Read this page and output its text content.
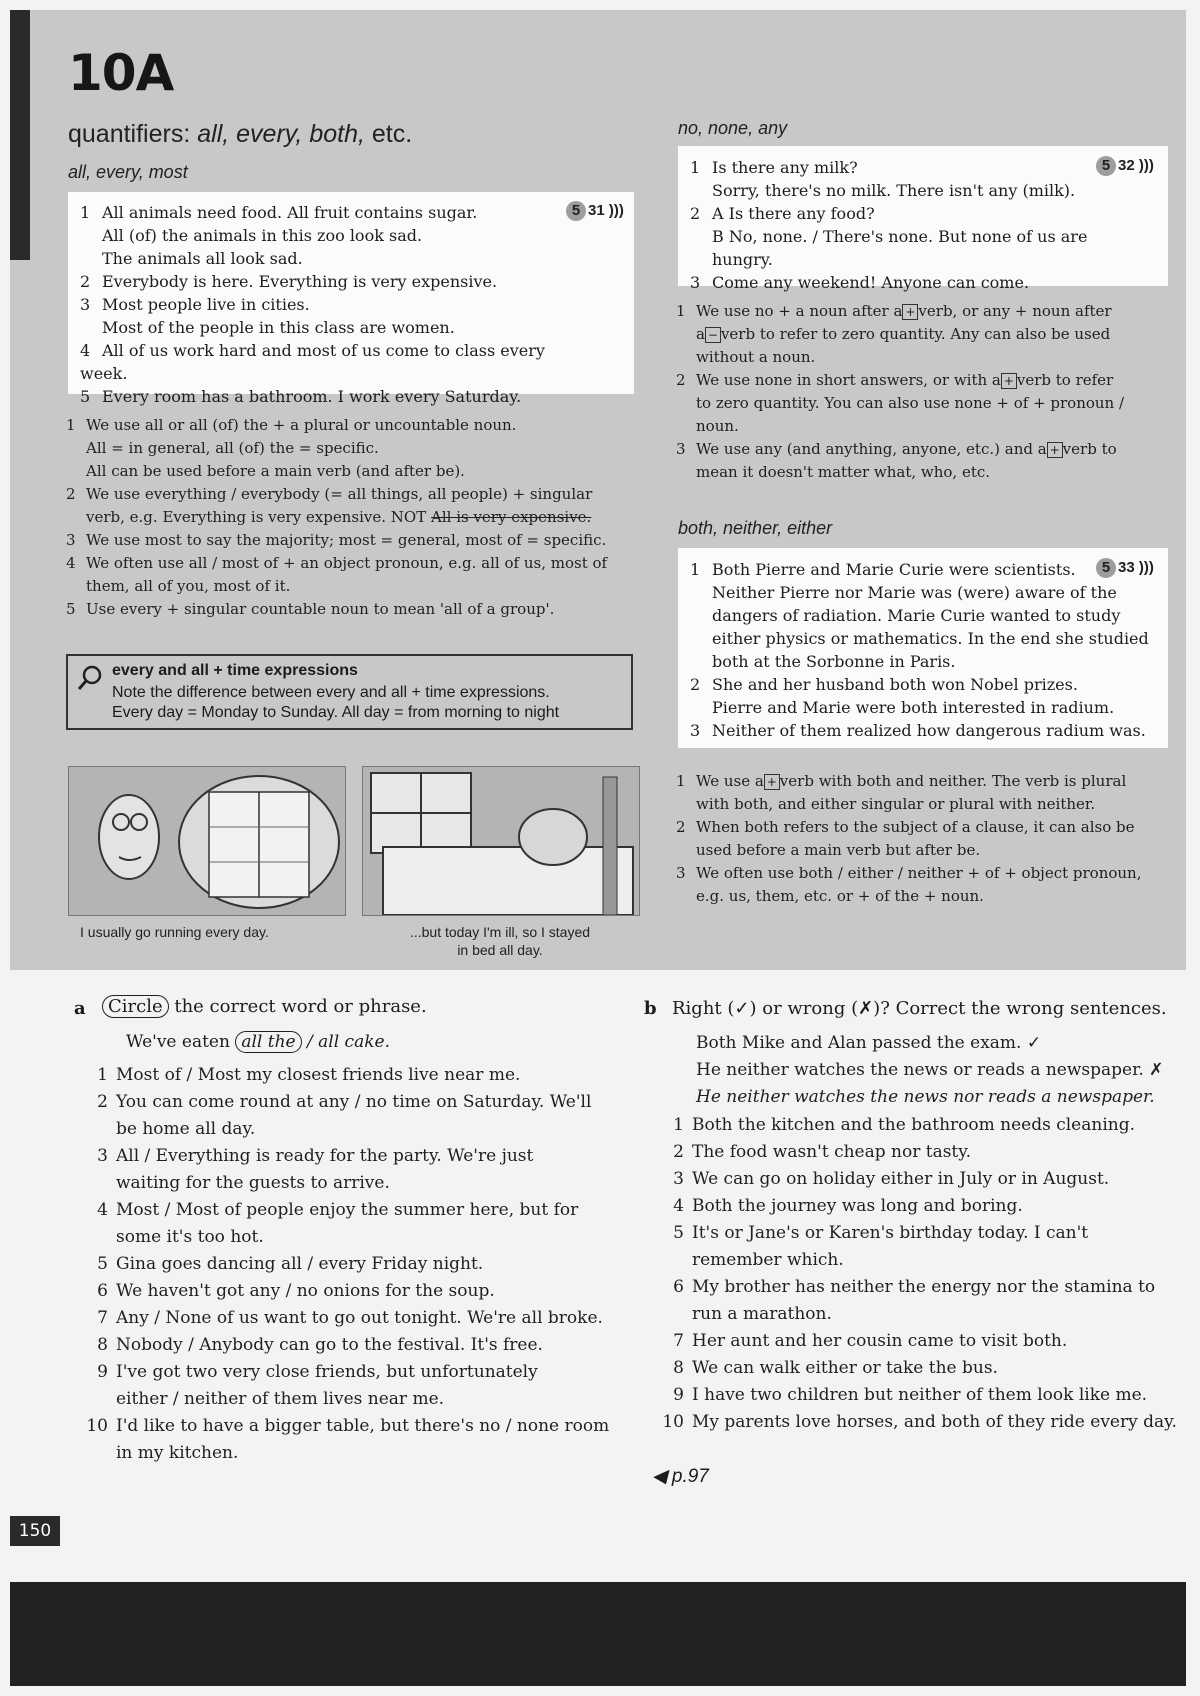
10A
quantifiers: all, every, both, etc.
all, every, most
5 31 )))
1 All animals need food. All fruit contains sugar.
All (of) the animals in this zoo look sad.
The animals all look sad.
2 Everybody is here. Everything is very expensive.
3 Most people live in cities.
Most of the people in this class are women.
4 All of us work hard and most of us come to class every week.
5 Every room has a bathroom. I work every Saturday.
1 We use all or all (of) the + a plural or uncountable noun.
All = in general, all (of) the = specific.
All can be used before a main verb (and after be).
2 We use everything / everybody (= all things, all people) + singular
verb, e.g. Everything is very expensive. NOT All is very expensive.
3 We use most to say the majority; most = general, most of = specific.
4 We often use all / most of + an object pronoun, e.g. all of us, most of
them, all of you, most of it.
5 Use every + singular countable noun to mean 'all of a group'.
every and all + time expressions
Note the difference between every and all + time expressions.
Every day = Monday to Sunday. All day = from morning to night
I usually go running every day.	...but today I'm ill, so I stayed
in bed all day.
no, none, any
5 32 )))
1 Is there any milk?
Sorry, there's no milk. There isn't any (milk).
2 A Is there any food?
B No, none. / There's none. But none of us are hungry.
3 Come any weekend! Anyone can come.
1 We use no + a noun after a + verb, or any + noun after
a − verb to refer to zero quantity. Any can also be used
without a noun.
2 We use none in short answers, or with a + verb to refer
to zero quantity. You can also use none + of + pronoun /
noun.
3 We use any (and anything, anyone, etc.) and a + verb to
mean it doesn't matter what, who, etc.
both, neither, either
5 33 )))
1 Both Pierre and Marie Curie were scientists.
Neither Pierre nor Marie was (were) aware of the
dangers of radiation. Marie Curie wanted to study
either physics or mathematics. In the end she studied
both at the Sorbonne in Paris.
2 She and her husband both won Nobel prizes.
Pierre and Marie were both interested in radium.
3 Neither of them realized how dangerous radium was.
1 We use a + verb with both and neither. The verb is plural
with both, and either singular or plural with neither.
2 When both refers to the subject of a clause, it can also be
used before a main verb but after be.
3 We often use both / either / neither + of + object pronoun,
e.g. us, them, etc. or + of the + noun.
a	Circle the correct word or phrase.
We've eaten all the / all cake.
1 Most of / Most my closest friends live near me.
2 You can come round at any / no time on Saturday. We'll
be home all day.
3 All / Everything is ready for the party. We're just
waiting for the guests to arrive.
4 Most / Most of people enjoy the summer here, but for
some it's too hot.
5 Gina goes dancing all / every Friday night.
6 We haven't got any / no onions for the soup.
7 Any / None of us want to go out tonight. We're all broke.
8 Nobody / Anybody can go to the festival. It's free.
9 I've got two very close friends, but unfortunately
either / neither of them lives near me.
10 I'd like to have a bigger table, but there's no / none room
in my kitchen.
b Right (✓) or wrong (✗)? Correct the wrong sentences.
Both Mike and Alan passed the exam. ✓
He neither watches the news or reads a newspaper. ✗
He neither watches the news nor reads a newspaper.
1 Both the kitchen and the bathroom needs cleaning.
2 The food wasn't cheap nor tasty.
3 We can go on holiday either in July or in August.
4 Both the journey was long and boring.
5 It's or Jane's or Karen's birthday today. I can't
remember which.
6 My brother has neither the energy nor the stamina to
run a marathon.
7 Her aunt and her cousin came to visit both.
8 We can walk either or take the bus.
9 I have two children but neither of them look like me.
10 My parents love horses, and both of they ride every day.
◀ p.97
150
